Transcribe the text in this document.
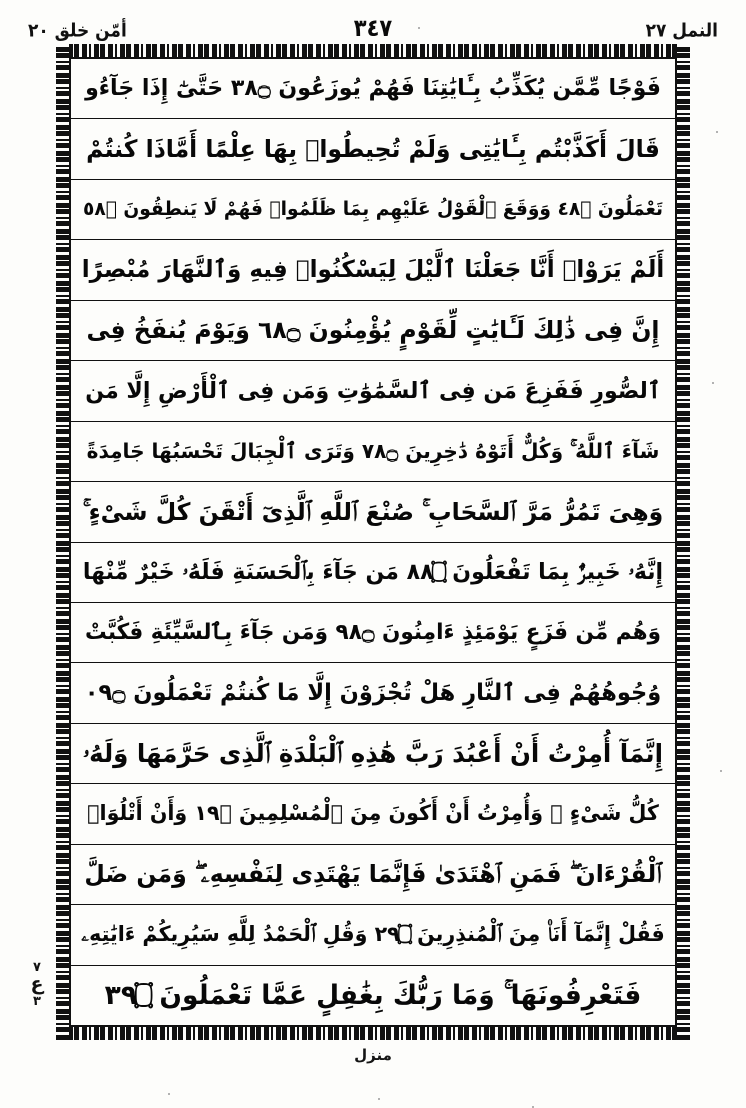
أمّن خلق ٢٠	النمل ٢٧
٣٤٧
فَوْجًا مِّمَّن يُكَذِّبُ بِـَٔايَٰتِنَا فَهُمْ يُوزَعُونَ ۝٨٣ حَتَّىٰٓ إِذَا جَآءُو
قَالَ أَكَذَّبْتُم بِـَٔايَٰتِى وَلَمْ تُحِيطُوا۟ بِهَا عِلْمًا أَمَّاذَا كُنتُمْ
تَعْمَلُونَ ۝٨٤ وَوَقَعَ ٱلْقَوْلُ عَلَيْهِم بِمَا ظَلَمُوا۟ فَهُمْ لَا يَنطِقُونَ ۝٨٥
أَلَمْ يَرَوْا۟ أَنَّا جَعَلْنَا ٱلَّيْلَ لِيَسْكُنُوا۟ فِيهِ وَٱلنَّهَارَ مُبْصِرًا
إِنَّ فِى ذَٰلِكَ لَـَٔايَٰتٍ لِّقَوْمٍ يُؤْمِنُونَ ۝٨٦ وَيَوْمَ يُنفَخُ فِى
ٱلصُّورِ فَفَزِعَ مَن فِى ٱلسَّمَٰوَٰتِ وَمَن فِى ٱلْأَرْضِ إِلَّا مَن
شَآءَ ٱللَّهُ ۚ وَكُلٌّ أَتَوْهُ دَٰخِرِينَ ۝٨٧ وَتَرَى ٱلْجِبَالَ تَحْسَبُهَا جَامِدَةً
وَهِىَ تَمُرُّ مَرَّ ٱلسَّحَابِ ۚ صُنْعَ ٱللَّهِ ٱلَّذِىٓ أَتْقَنَ كُلَّ شَىْءٍ ۚ
إِنَّهُۥ خَبِيرٌۢ بِمَا تَفْعَلُونَ ۝٨٨ مَن جَآءَ بِٱلْحَسَنَةِ فَلَهُۥ خَيْرٌ مِّنْهَا
وَهُم مِّن فَزَعٍ يَوْمَئِذٍ ءَامِنُونَ ۝٨٩ وَمَن جَآءَ بِٱلسَّيِّئَةِ فَكُبَّتْ
وُجُوهُهُمْ فِى ٱلنَّارِ هَلْ تُجْزَوْنَ إِلَّا مَا كُنتُمْ تَعْمَلُونَ ۝٩٠
إِنَّمَآ أُمِرْتُ أَنْ أَعْبُدَ رَبَّ هَٰذِهِ ٱلْبَلْدَةِ ٱلَّذِى حَرَّمَهَا وَلَهُۥ
كُلُّ شَىْءٍ ۖ وَأُمِرْتُ أَنْ أَكُونَ مِنَ ٱلْمُسْلِمِينَ ۝٩١ وَأَنْ أَتْلُوَا۟
ٱلْقُرْءَانَ ۖ فَمَنِ ٱهْتَدَىٰ فَإِنَّمَا يَهْتَدِى لِنَفْسِهِۦ ۖ وَمَن ضَلَّ
فَقُلْ إِنَّمَآ أَنَا۠ مِنَ ٱلْمُنذِرِينَ ۝٩٢ وَقُلِ ٱلْحَمْدُ لِلَّهِ سَيُرِيكُمْ ءَايَٰتِهِۦ
فَتَعْرِفُونَهَا ۚ وَمَا رَبُّكَ بِغَٰفِلٍ عَمَّا تَعْمَلُونَ ۝٩٣
٧
ع
٣
منزل
